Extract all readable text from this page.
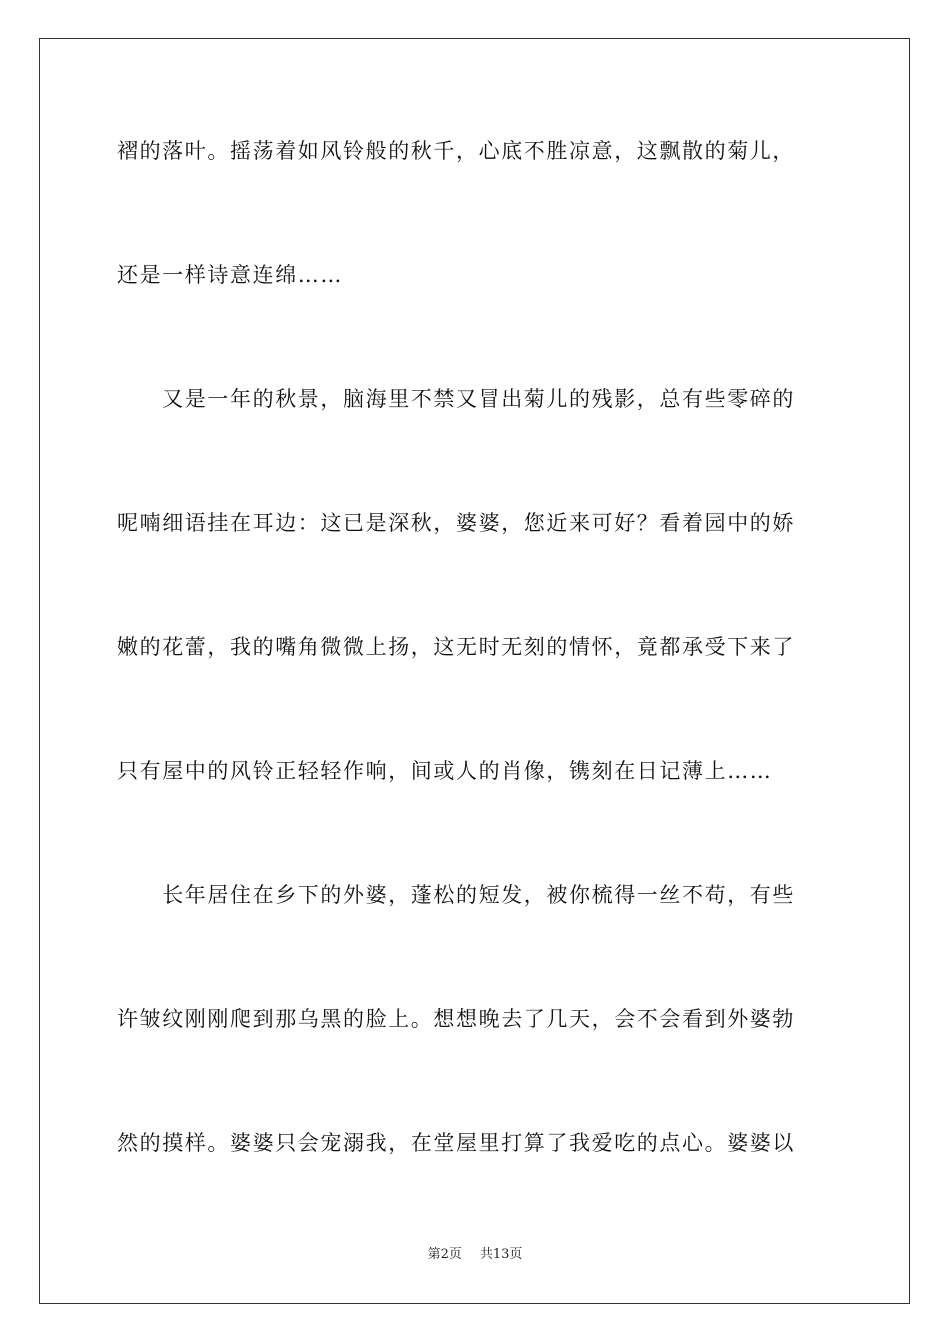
褶的落叶。摇荡着如风铃般的秋千，心底不胜凉意，这飘散的菊儿，
还是一样诗意连绵……
　　又是一年的秋景，脑海里不禁又冒出菊儿的残影，总有些零碎的
呢喃细语挂在耳边：这已是深秋，婆婆，您近来可好？看着园中的娇
嫩的花蕾，我的嘴角微微上扬，这无时无刻的情怀，竟都承受下来了
只有屋中的风铃正轻轻作响，间或人的肖像，镌刻在日记薄上……
　　长年居住在乡下的外婆，蓬松的短发，被你梳得一丝不苟，有些
许皱纹刚刚爬到那乌黑的脸上。想想晚去了几天，会不会看到外婆勃
然的摸样。婆婆只会宠溺我，在堂屋里打算了我爱吃的点心。婆婆以
第2页 共13页
